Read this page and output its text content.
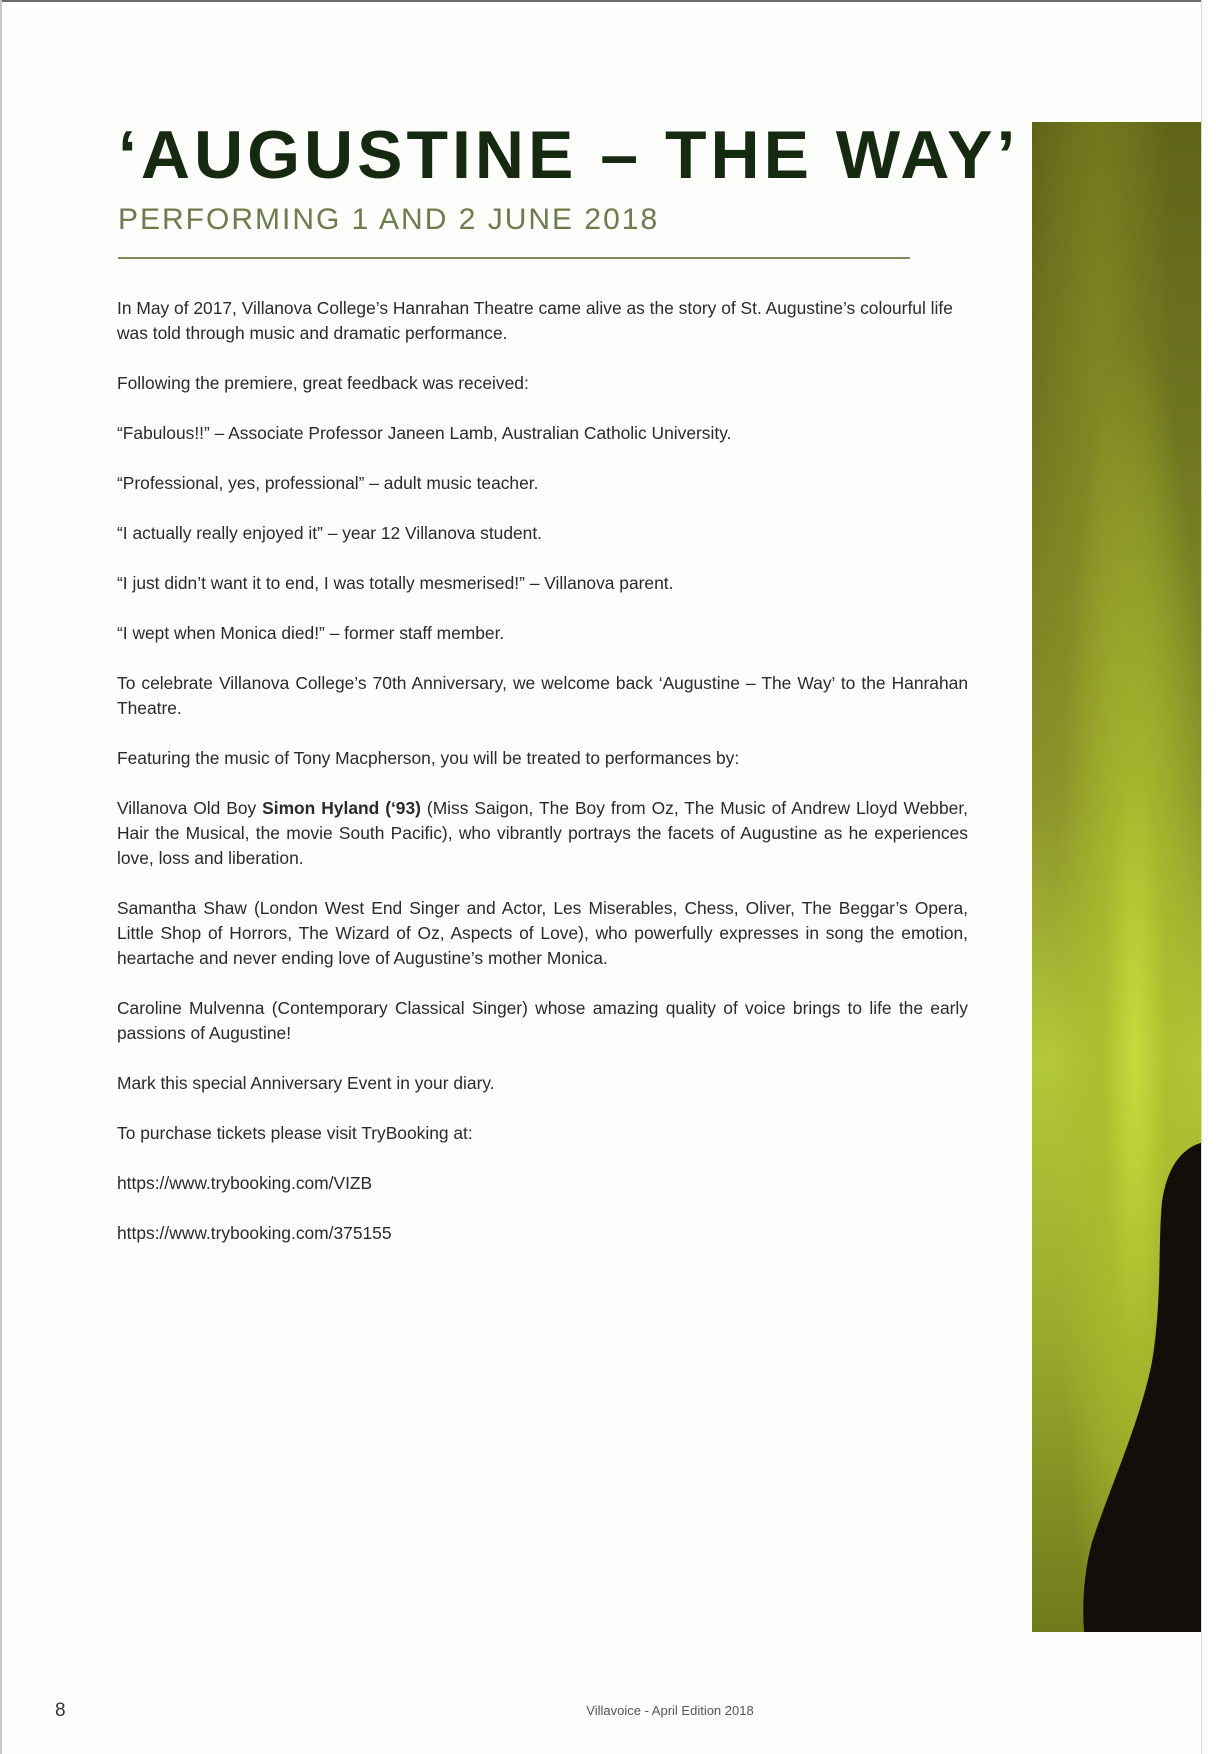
‘AUGUSTINE – THE WAY’
PERFORMING 1 AND 2 JUNE 2018

In May of 2017, Villanova College’s Hanrahan Theatre came alive as the story of St. Augustine’s colourful life was told through music and dramatic performance.

Following the premiere, great feedback was received:

“Fabulous!!” – Associate Professor Janeen Lamb, Australian Catholic University.

“Professional, yes, professional” – adult music teacher.

“I actually really enjoyed it” – year 12 Villanova student.

“I just didn’t want it to end, I was totally mesmerised!” – Villanova parent.

“I wept when Monica died!” – former staff member.

To celebrate Villanova College’s 70th Anniversary, we welcome back ‘Augustine – The Way’ to the Hanrahan Theatre.

Featuring the music of Tony Macpherson, you will be treated to performances by:

Villanova Old Boy Simon Hyland (‘93) (Miss Saigon, The Boy from Oz, The Music of Andrew Lloyd Webber, Hair the Musical, the movie South Pacific), who vibrantly portrays the facets of Augustine as he experiences love, loss and liberation.

Samantha Shaw (London West End Singer and Actor, Les Miserables, Chess, Oliver, The Beggar’s Opera, Little Shop of Horrors, The Wizard of Oz, Aspects of Love), who powerfully expresses in song the emotion, heartache and never ending love of Augustine’s mother Monica.

Caroline Mulvenna (Contemporary Classical Singer) whose amazing quality of voice brings to life the early passions of Augustine!

Mark this special Anniversary Event in your diary.

To purchase tickets please visit TryBooking at:

https://www.trybooking.com/VIZB

https://www.trybooking.com/375155

8	Villavoice - April Edition 2018
